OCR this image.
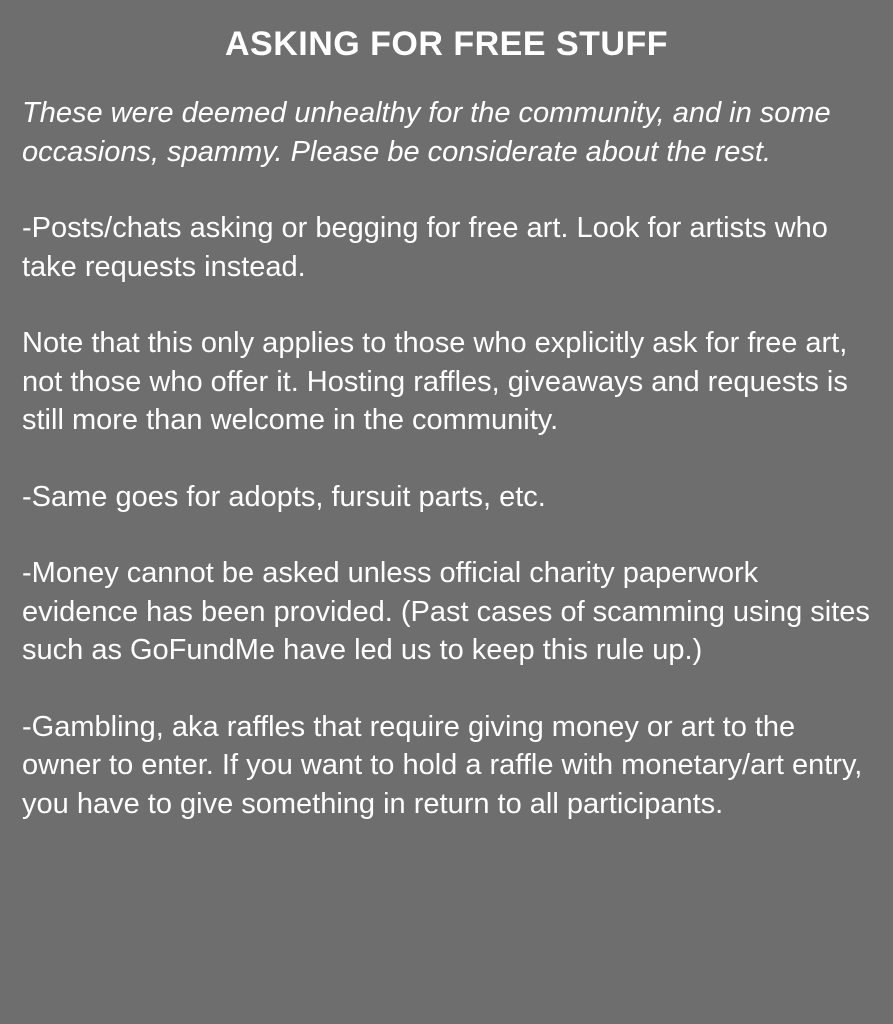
ASKING FOR FREE STUFF

These were deemed unhealthy for the community, and in some occasions, spammy. Please be considerate about the rest.

-Posts/chats asking or begging for free art. Look for artists who take requests instead.

Note that this only applies to those who explicitly ask for free art, not those who offer it. Hosting raffles, giveaways and requests is still more than welcome in the community.

-Same goes for adopts, fursuit parts, etc.

-Money cannot be asked unless official charity paperwork evidence has been provided. (Past cases of scamming using sites such as GoFundMe have led us to keep this rule up.)

-Gambling, aka raffles that require giving money or art to the owner to enter. If you want to hold a raffle with monetary/art entry, you have to give something in return to all participants.
